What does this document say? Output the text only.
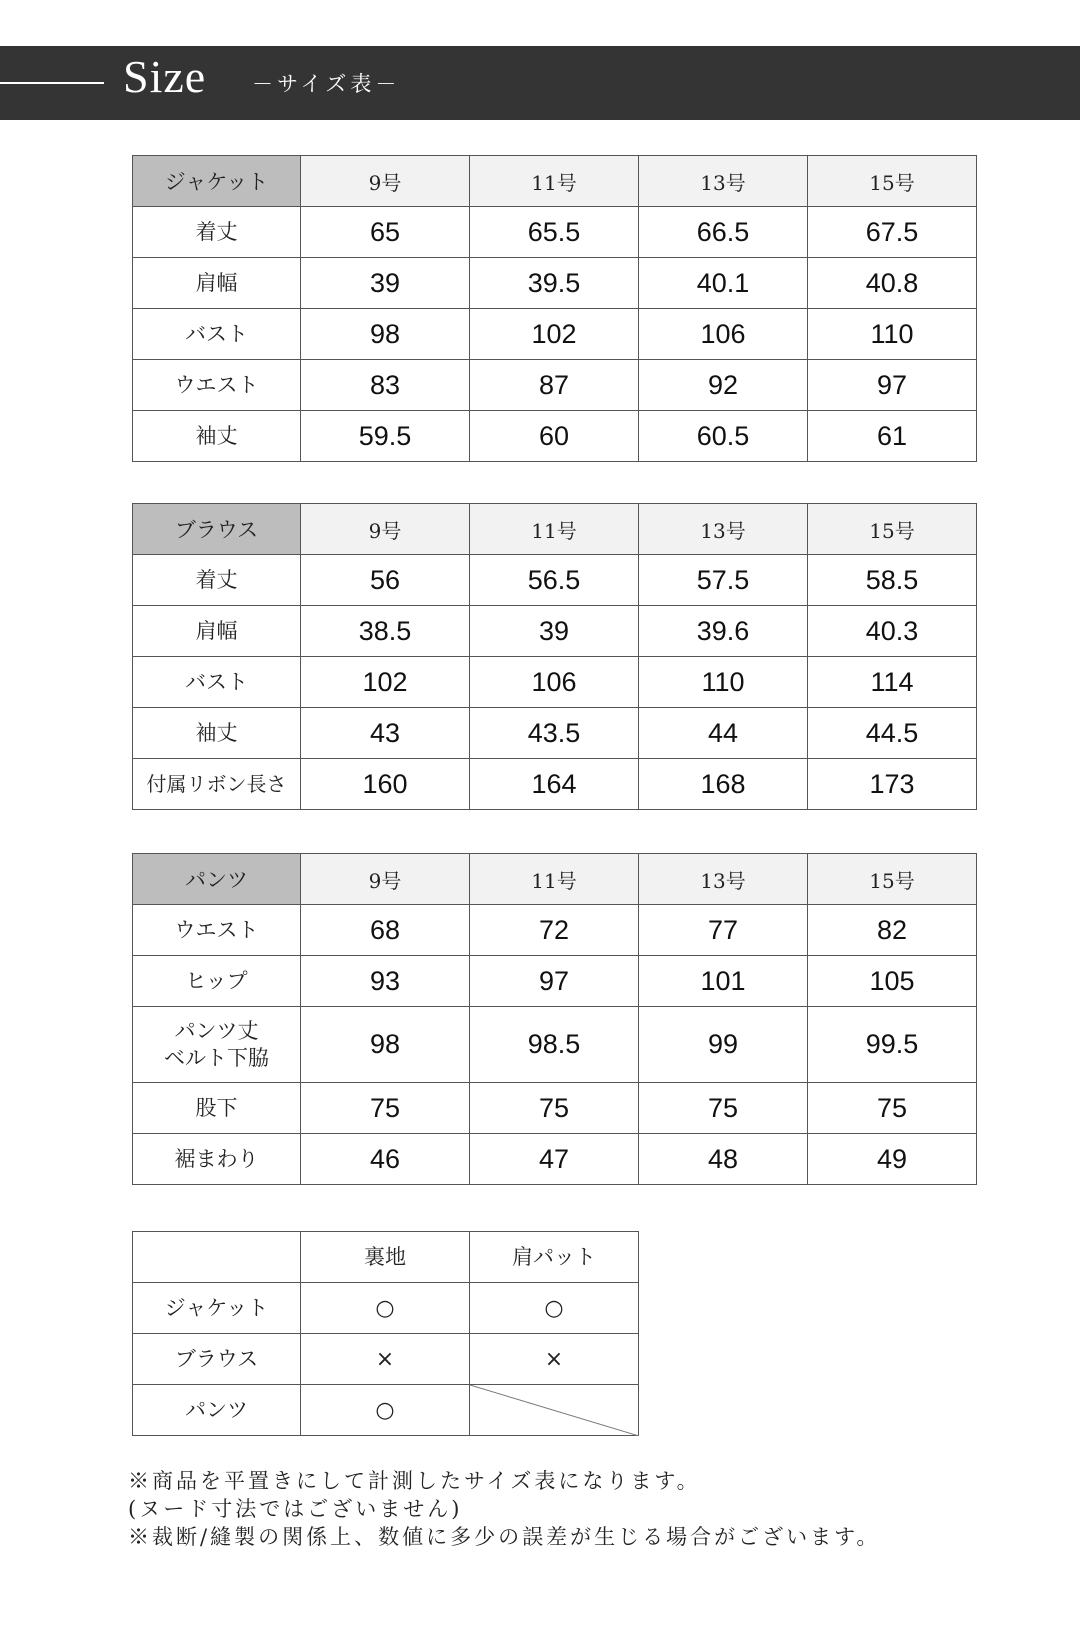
Size －サイズ表－
ジャケット	9号	11号	13号	15号
着丈	65	65.5	66.5	67.5
肩幅	39	39.5	40.1	40.8
バスト	98	102	106	110
ウエスト	83	87	92	97
袖丈	59.5	60	60.5	61
ブラウス	9号	11号	13号	15号
着丈	56	56.5	57.5	58.5
肩幅	38.5	39	39.6	40.3
バスト	102	106	110	114
袖丈	43	43.5	44	44.5
付属リボン長さ	160	164	168	173
パンツ	9号	11号	13号	15号
ウエスト	68	72	77	82
ヒップ	93	97	101	105

パンツ丈
ベルト下脇	98	98.5	99	99.5
股下	75	75	75	75
裾まわり	46	47	48	49
	裏地	肩パット
ジャケット	○	○
ブラウス	×	×
パンツ	○	
※商品を平置きにして計測したサイズ表になります。
(ヌード寸法ではございません)
※裁断/縫製の関係上、数値に多少の誤差が生じる場合がございます。
